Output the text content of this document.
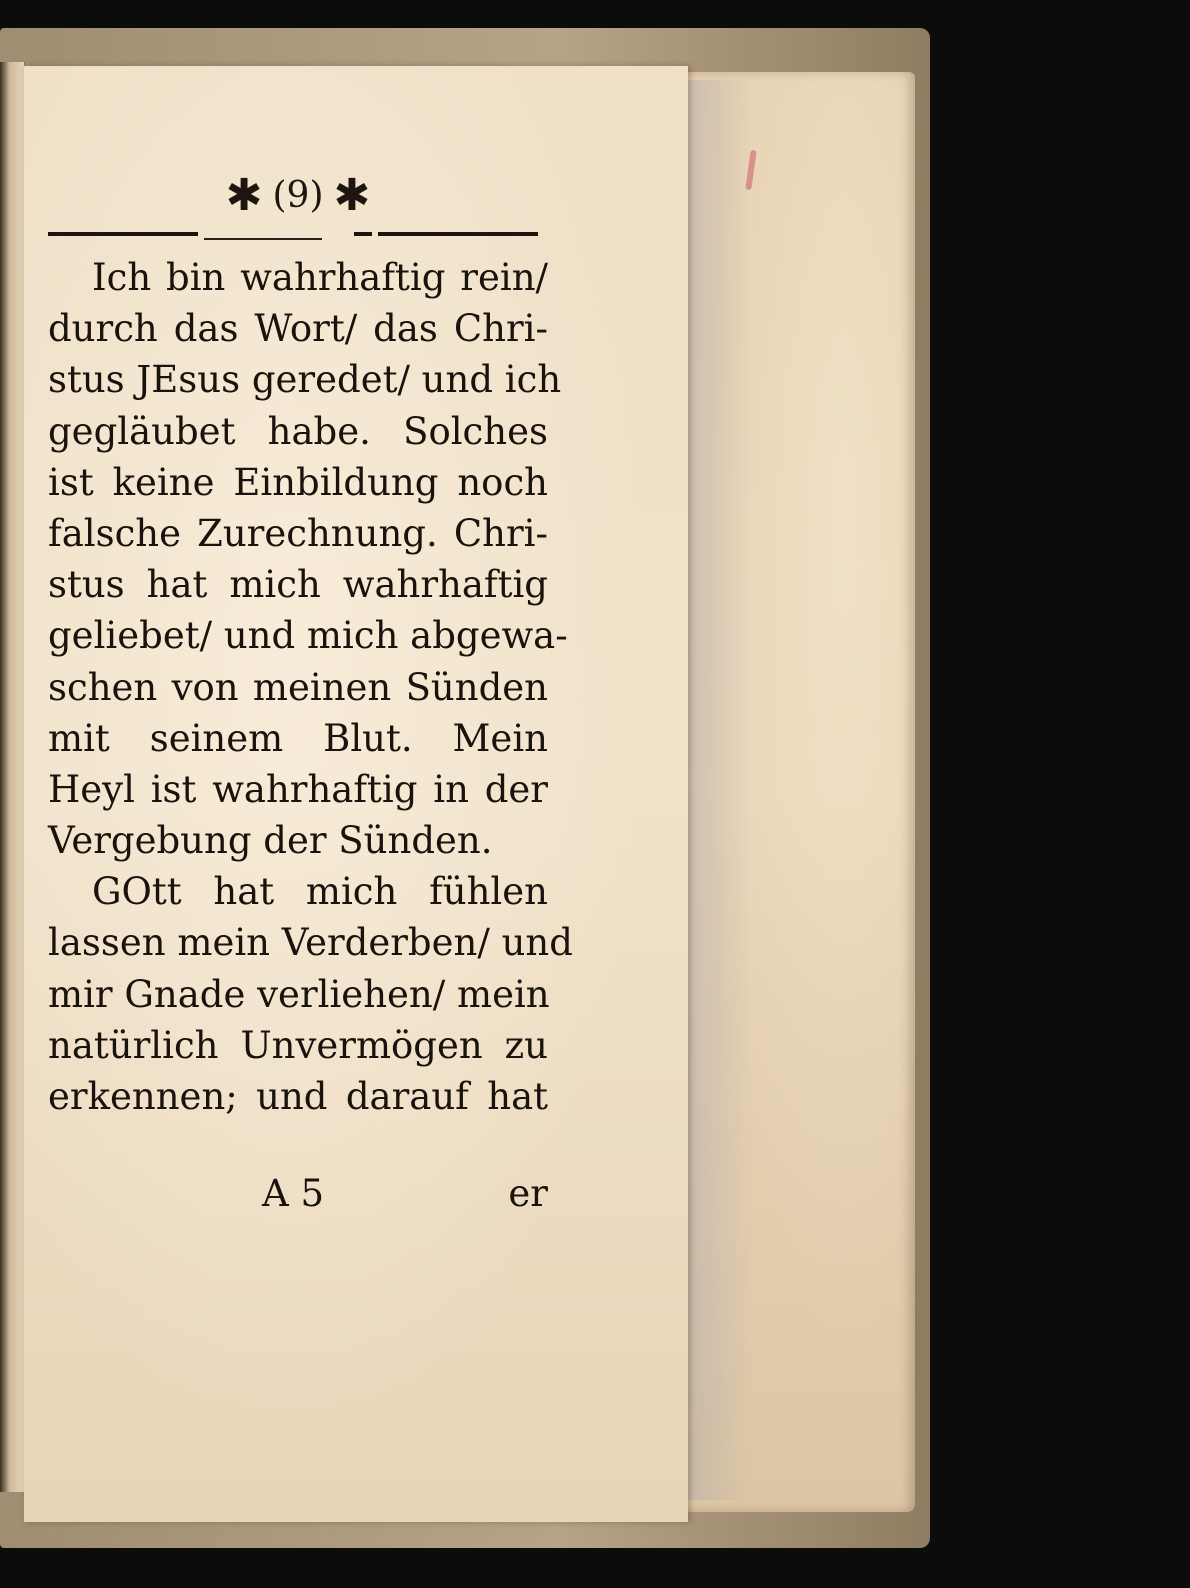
✱ (9) ✱
Ich bin wahrhaftig rein/
durch das Wort/ das Chri-
stus JEsus geredet/ und ich
gegläubet habe. Solches
ist keine Einbildung noch
falsche Zurechnung. Chri-
stus hat mich wahrhaftig
geliebet/ und mich abgewa-
schen von meinen Sünden
mit seinem Blut. Mein
Heyl ist wahrhaftig in der
Vergebung der Sünden.
GOtt hat mich fühlen
lassen mein Verderben/ und
mir Gnade verliehen/ mein
natürlich Unvermögen zu
erkennen; und darauf hat
A 5	er
